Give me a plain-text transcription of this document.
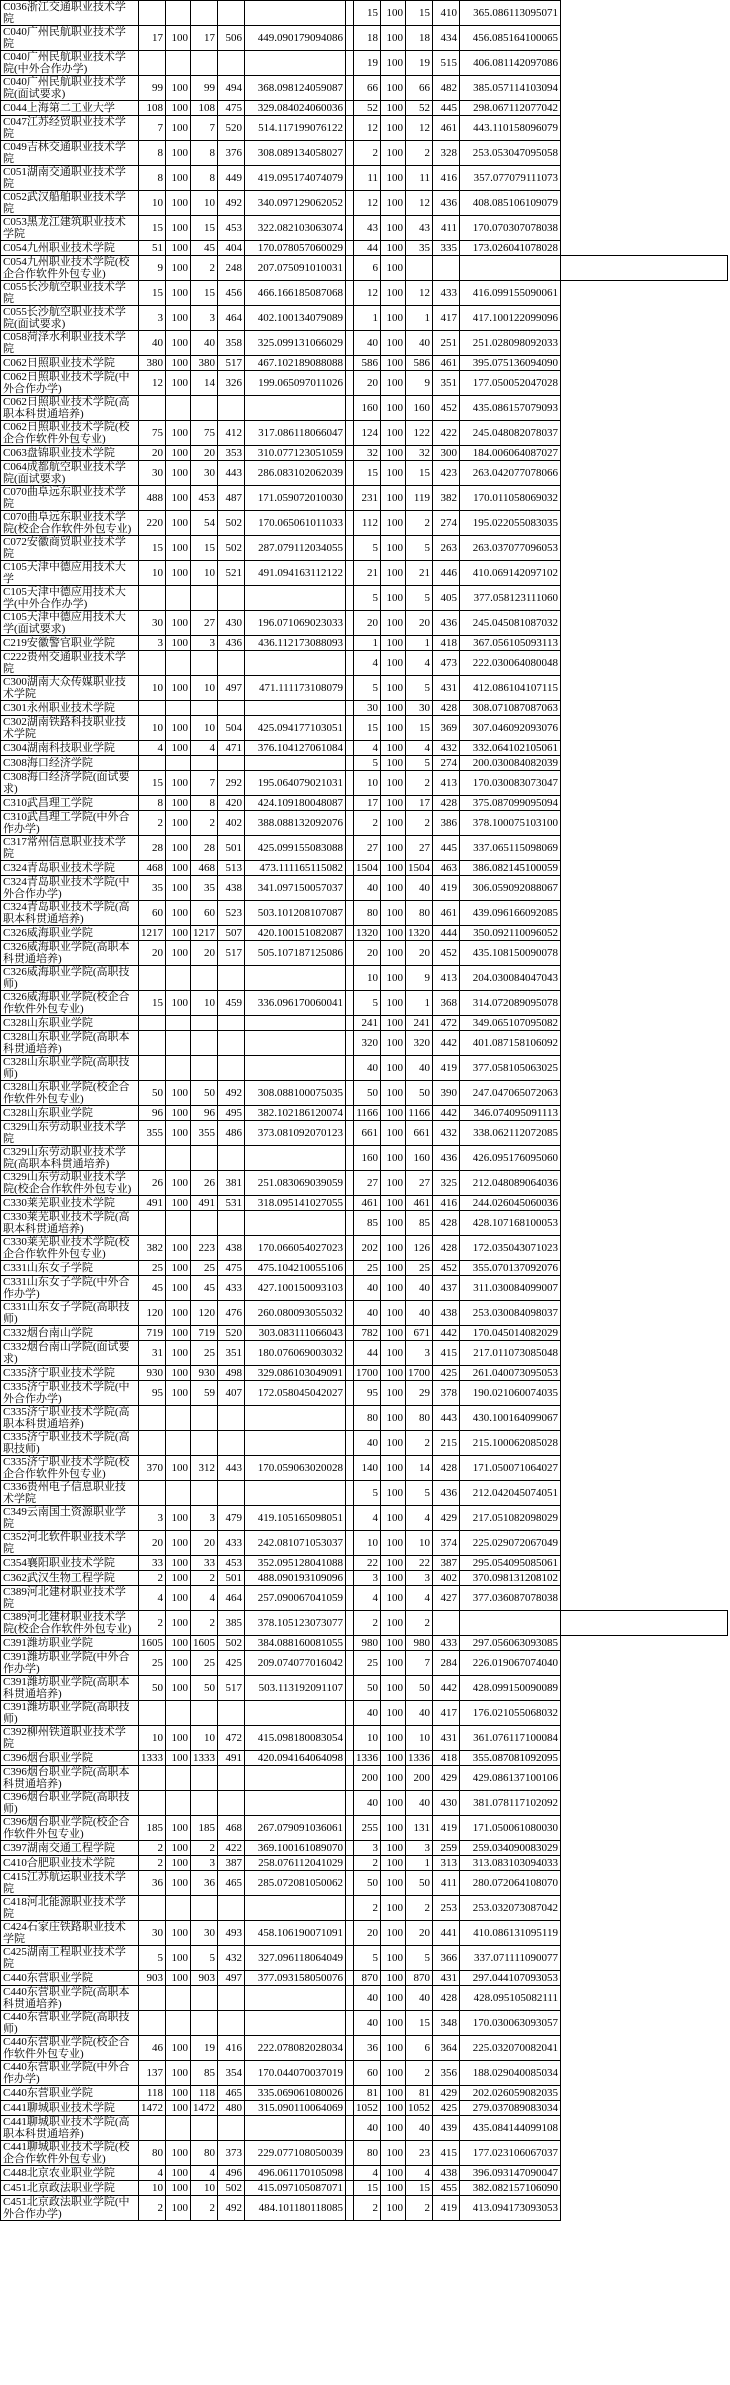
C036浙江交通职业技术学院							15	100	15	410	365.086113095071	
C040广州民航职业技术学院	17	100	17	506	449.090179094086		18	100	18	434	456.085164100065	
C040广州民航职业技术学院(中外合作办学)							19	100	19	515	406.081142097086	
C040广州民航职业技术学院(面试要求)	99	100	99	494	368.098124059087		66	100	66	482	385.057114103094	
C044上海第二工业大学	108	100	108	475	329.084024060036		52	100	52	445	298.067112077042	
C047江苏经贸职业技术学院	7	100	7	520	514.117199076122		12	100	12	461	443.110158096079	
C049吉林交通职业技术学院	8	100	8	376	308.089134058027		2	100	2	328	253.053047095058	
C051湖南交通职业技术学院	8	100	8	449	419.095174074079		11	100	11	416	357.077079111073	
C052武汉船舶职业技术学院	10	100	10	492	340.097129062052		12	100	12	436	408.085106109079	
C053黑龙江建筑职业技术学院	15	100	15	453	322.082103063074		43	100	43	411	170.070307078038	
C054九州职业技术学院	51	100	45	404	170.078057060029		44	100	35	335	173.026041078028	
C054九州职业技术学院(校企合作软件外包专业)	9	100	2	248	207.075091010031		6	100				
C055长沙航空职业技术学院	15	100	15	456	466.166185087068		12	100	12	433	416.099155090061	
C055长沙航空职业技术学院(面试要求)	3	100	3	464	402.100134079089		1	100	1	417	417.100122099096	
C058菏泽水利职业技术学院	40	100	40	358	325.099131066029		40	100	40	251	251.028098092033	
C062日照职业技术学院	380	100	380	517	467.102189088088		586	100	586	461	395.075136094090	
C062日照职业技术学院(中外合作办学)	12	100	14	326	199.065097011026		20	100	9	351	177.050052047028	
C062日照职业技术学院(高职本科贯通培养)							160	100	160	452	435.086157079093	
C062日照职业技术学院(校企合作软件外包专业)	75	100	75	412	317.086118066047		124	100	122	422	245.048082078037	
C063盘锦职业技术学院	20	100	20	353	310.077123051059		32	100	32	300	184.006064087027	
C064成都航空职业技术学院(面试要求)	30	100	30	443	286.083102062039		15	100	15	423	263.042077078066	
C070曲阜远东职业技术学院	488	100	453	487	171.059072010030		231	100	119	382	170.011058069032	
C070曲阜远东职业技术学院(校企合作软件外包专业)	220	100	54	502	170.065061011033		112	100	2	274	195.022055083035	
C072安徽商贸职业技术学院	15	100	15	502	287.079112034055		5	100	5	263	263.037077096053	
C105天津中德应用技术大学	10	100	10	521	491.094163112122		21	100	21	446	410.069142097102	
C105天津中德应用技术大学(中外合作办学)							5	100	5	405	377.058123111060	
C105天津中德应用技术大学(面试要求)	30	100	27	430	196.071069023033		20	100	20	436	245.045081087032	
C219安徽警官职业学院	3	100	3	436	436.112173088093		1	100	1	418	367.056105093113	
C222贵州交通职业技术学院							4	100	4	473	222.030064080048	
C300湖南大众传媒职业技术学院	10	100	10	497	471.111173108079		5	100	5	431	412.086104107115	
C301永州职业技术学院							30	100	30	428	308.071087087063	
C302湖南铁路科技职业技术学院	10	100	10	504	425.094177103051		15	100	15	369	307.046092093076	
C304湖南科技职业学院	4	100	4	471	376.104127061084		4	100	4	432	332.064102105061	
C308海口经济学院							5	100	5	274	200.030084082039	
C308海口经济学院(面试要求)	15	100	7	292	195.064079021031		10	100	2	413	170.030083073047	
C310武昌理工学院	8	100	8	420	424.109180048087		17	100	17	428	375.087099095094	
C310武昌理工学院(中外合作办学)	2	100	2	402	388.088132092076		2	100	2	386	378.100075103100	
C317常州信息职业技术学院	28	100	28	501	425.099155083088		27	100	27	445	337.065115098069	
C324青岛职业技术学院	468	100	468	513	473.111165115082		1504	100	1504	463	386.082145100059	
C324青岛职业技术学院(中外合作办学)	35	100	35	438	341.097150057037		40	100	40	419	306.059092088067	
C324青岛职业技术学院(高职本科贯通培养)	60	100	60	523	503.101208107087		80	100	80	461	439.096166092085	
C326威海职业学院	1217	100	1217	507	420.100151082087		1320	100	1320	444	350.092110096052	
C326威海职业学院(高职本科贯通培养)	20	100	20	517	505.107187125086		20	100	20	452	435.108150090078	
C326威海职业学院(高职技师)							10	100	9	413	204.030084047043	
C326威海职业学院(校企合作软件外包专业)	15	100	10	459	336.096170060041		5	100	1	368	314.072089095078	
C328山东职业学院							241	100	241	472	349.065107095082	
C328山东职业学院(高职本科贯通培养)							320	100	320	442	401.087158106092	
C328山东职业学院(高职技师)							40	100	40	419	377.058105063025	
C328山东职业学院(校企合作软件外包专业)	50	100	50	492	308.088100075035		50	100	50	390	247.047065072063	
C328山东职业学院	96	100	96	495	382.102186120074		1166	100	1166	442	346.074095091113	
C329山东劳动职业技术学院	355	100	355	486	373.081092070123		661	100	661	432	338.062112072085	
C329山东劳动职业技术学院(高职本科贯通培养)							160	100	160	436	426.095176095060	
C329山东劳动职业技术学院(校企合作软件外包专业)	26	100	26	381	251.083069039059		27	100	27	325	212.048089064036	
C330莱芜职业技术学院	491	100	491	531	318.095141027055		461	100	461	416	244.026045060036	
C330莱芜职业技术学院(高职本科贯通培养)							85	100	85	428	428.107168100053	
C330莱芜职业技术学院(校企合作软件外包专业)	382	100	223	438	170.066054027023		202	100	126	428	172.035043071023	
C331山东女子学院	25	100	25	475	475.104210055106		25	100	25	452	355.070137092076	
C331山东女子学院(中外合作办学)	45	100	45	433	427.100150093103		40	100	40	437	311.030084099007	
C331山东女子学院(高职技师)	120	100	120	476	260.080093055032		40	100	40	438	253.030084098037	
C332烟台南山学院	719	100	719	520	303.083111066043		782	100	671	442	170.045014082029	
C332烟台南山学院(面试要求)	31	100	25	351	180.076069003032		44	100	3	415	217.011073085048	
C335济宁职业技术学院	930	100	930	498	329.086103049091		1700	100	1700	425	261.040073095053	
C335济宁职业技术学院(中外合作办学)	95	100	59	407	172.058045042027		95	100	29	378	190.021060074035	
C335济宁职业技术学院(高职本科贯通培养)							80	100	80	443	430.100164099067	
C335济宁职业技术学院(高职技师)							40	100	2	215	215.100062085028	
C335济宁职业技术学院(校企合作软件外包专业)	370	100	312	443	170.059063020028		140	100	14	428	171.050071064027	
C336贵州电子信息职业技术学院							5	100	5	436	212.042045074051	
C349云南国土资源职业学院	3	100	3	479	419.105165098051		4	100	4	429	217.051082098029	
C352河北软件职业技术学院	20	100	20	433	242.081071053037		10	100	10	374	225.029072067049	
C354襄阳职业技术学院	33	100	33	453	352.095128041088		22	100	22	387	295.054095085061	
C362武汉生物工程学院	2	100	2	501	488.090193109096		3	100	3	402	370.098131208102	
C389河北建材职业技术学院	4	100	4	464	257.090067041059		4	100	4	427	377.036087078038	
C389河北建材职业技术学院(校企合作软件外包专业)	2	100	2	385	378.105123073077		2	100	2			
C391潍坊职业学院	1605	100	1605	502	384.088160081055		980	100	980	433	297.056063093085	
C391潍坊职业学院(中外合作办学)	25	100	25	425	209.074077016042		25	100	7	284	226.019067074040	
C391潍坊职业学院(高职本科贯通培养)	50	100	50	517	503.113192091107		50	100	50	442	428.099150090089	
C391潍坊职业学院(高职技师)							40	100	40	417	176.021055068032	
C392柳州铁道职业技术学院	10	100	10	472	415.098180083054		10	100	10	431	361.076117100084	
C396烟台职业学院	1333	100	1333	491	420.094164064098		1336	100	1336	418	355.087081092095	
C396烟台职业学院(高职本科贯通培养)							200	100	200	429	429.086137100106	
C396烟台职业学院(高职技师)							40	100	40	430	381.078117102092	
C396烟台职业学院(校企合作软件外包专业)	185	100	185	468	267.079091036061		255	100	131	419	171.050061080030	
C397湖南交通工程学院	2	100	2	422	369.100161089070		3	100	3	259	259.034090083029	
C410合肥职业技术学院	2	100	3	387	258.076112041029		2	100	1	313	313.083103094033	
C415江苏航运职业技术学院	36	100	36	465	285.072081050062		50	100	50	411	280.072064108070	
C418河北能源职业技术学院							2	100	2	253	253.032073087042	
C424石家庄铁路职业技术学院	30	100	30	493	458.106190071091		20	100	20	441	410.086131095119	
C425湖南工程职业技术学院	5	100	5	432	327.096118064049		5	100	5	366	337.071111090077	
C440东营职业学院	903	100	903	497	377.093158050076		870	100	870	431	297.044107093053	
C440东营职业学院(高职本科贯通培养)							40	100	40	428	428.095105082111	
C440东营职业学院(高职技师)							40	100	15	348	170.030063093057	
C440东营职业学院(校企合作软件外包专业)	46	100	19	416	222.078082028034		36	100	6	364	225.032070082041	
C440东营职业学院(中外合作办学)	137	100	85	354	170.044070037019		60	100	2	356	188.029040085034	
C440东营职业学院	118	100	118	465	335.069061080026		81	100	81	429	202.026059082035	
C441聊城职业技术学院	1472	100	1472	480	315.090110064069		1052	100	1052	425	279.037089083034	
C441聊城职业技术学院(高职本科贯通培养)							40	100	40	439	435.084144099108	
C441聊城职业技术学院(校企合作软件外包专业)	80	100	80	373	229.077108050039		80	100	23	415	177.023106067037	
C448北京农业职业学院	4	100	4	496	496.061170105098		4	100	4	438	396.093147090047	
C451北京政法职业学院	10	100	10	502	415.097105087071		15	100	15	455	382.082157106090	
C451北京政法职业学院(中外合作办学)	2	100	2	492	484.101180118085		2	100	2	419	413.094173093053	
